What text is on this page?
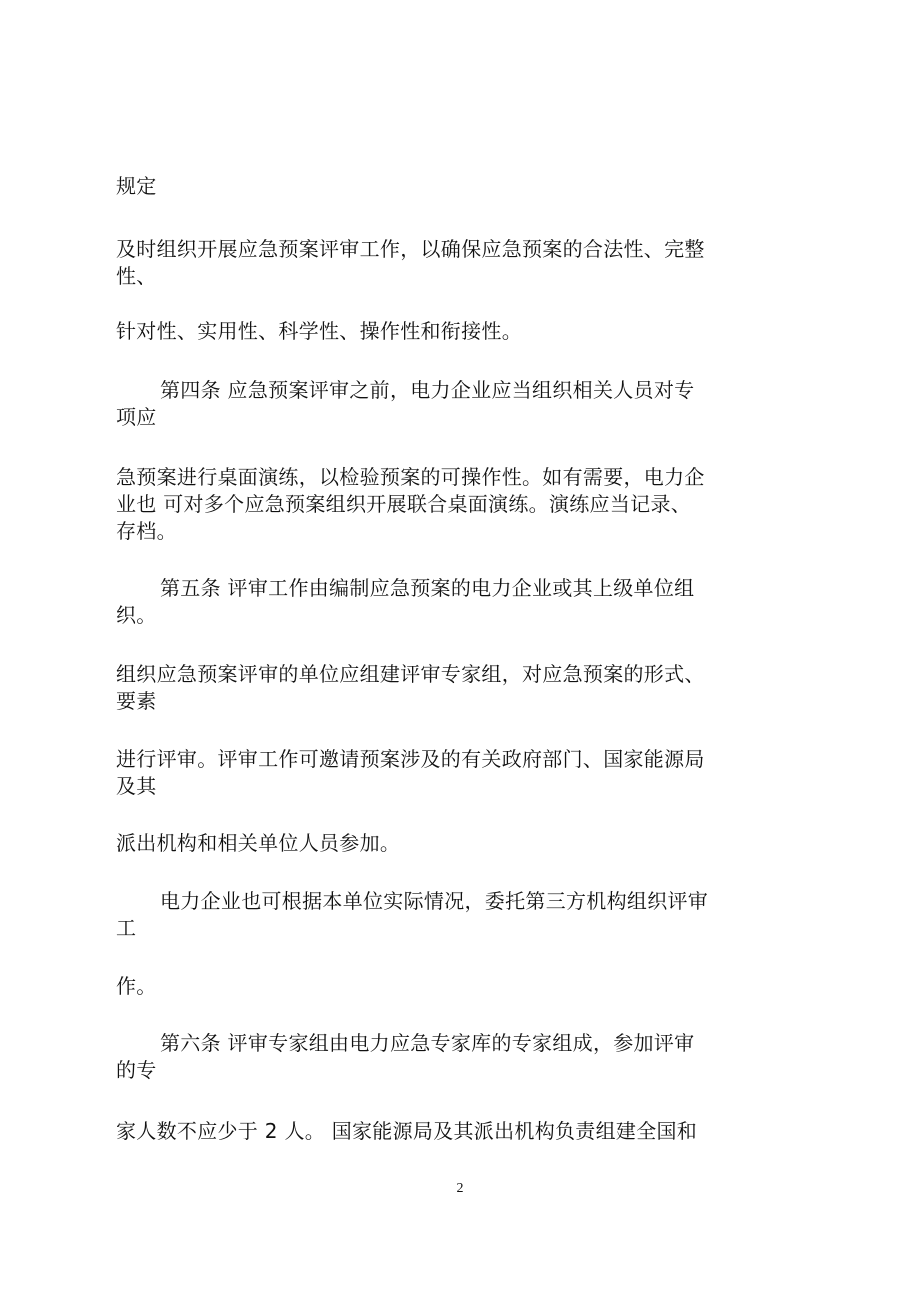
规定
及时组织开展应急预案评审工作，以确保应急预案的合法性、完整
性、
针对性、实用性、科学性、操作性和衔接性。
第四条 应急预案评审之前，电力企业应当组织相关人员对专
项应
急预案进行桌面演练，以检验预案的可操作性。如有需要，电力企
业也 可对多个应急预案组织开展联合桌面演练。演练应当记录、
存档。
第五条 评审工作由编制应急预案的电力企业或其上级单位组
织。
组织应急预案评审的单位应组建评审专家组，对应急预案的形式、
要素
进行评审。评审工作可邀请预案涉及的有关政府部门、国家能源局
及其
派出机构和相关单位人员参加。
电力企业也可根据本单位实际情况，委托第三方机构组织评审
工
作。
第六条 评审专家组由电力应急专家库的专家组成，参加评审
的专
家人数不应少于 2 人。 国家能源局及其派出机构负责组建全国和
2
